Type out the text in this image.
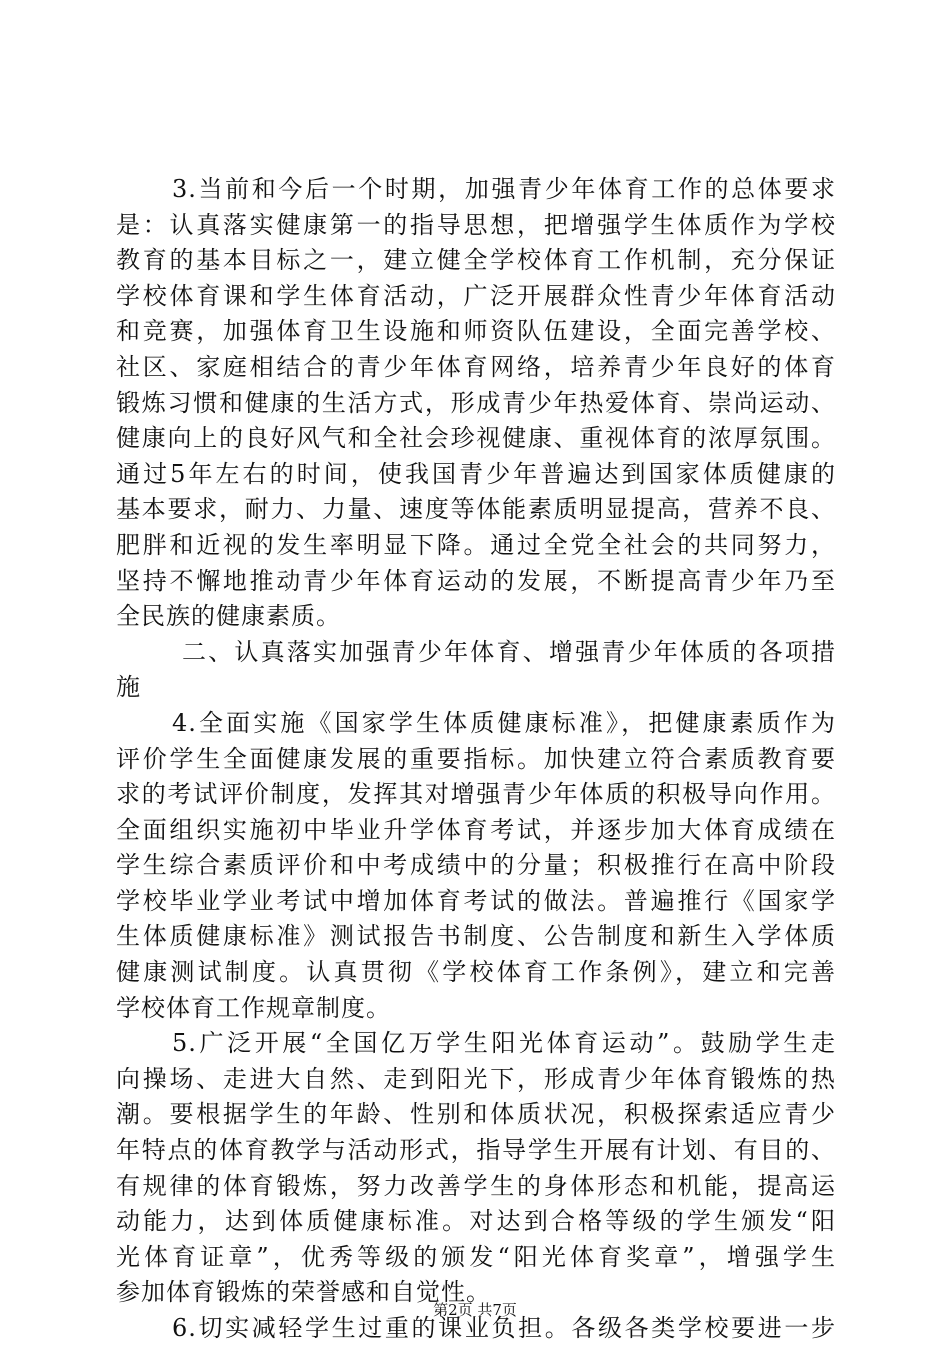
3.当前和今后一个时期，加强青少年体育工作的总体要求
是：认真落实健康第一的指导思想，把增强学生体质作为学校
教育的基本目标之一，建立健全学校体育工作机制，充分保证
学校体育课和学生体育活动，广泛开展群众性青少年体育活动
和竞赛，加强体育卫生设施和师资队伍建设，全面完善学校、
社区、家庭相结合的青少年体育网络，培养青少年良好的体育
锻炼习惯和健康的生活方式，形成青少年热爱体育、崇尚运动、
健康向上的良好风气和全社会珍视健康、重视体育的浓厚氛围。
通过5年左右的时间，使我国青少年普遍达到国家体质健康的
基本要求，耐力、力量、速度等体能素质明显提高，营养不良、
肥胖和近视的发生率明显下降。通过全党全社会的共同努力，
坚持不懈地推动青少年体育运动的发展，不断提高青少年乃至
全民族的健康素质。
二、认真落实加强青少年体育、增强青少年体质的各项措
施
4.全面实施《国家学生体质健康标准》，把健康素质作为
评价学生全面健康发展的重要指标。加快建立符合素质教育要
求的考试评价制度，发挥其对增强青少年体质的积极导向作用。
全面组织实施初中毕业升学体育考试，并逐步加大体育成绩在
学生综合素质评价和中考成绩中的分量；积极推行在高中阶段
学校毕业学业考试中增加体育考试的做法。普遍推行《国家学
生体质健康标准》测试报告书制度、公告制度和新生入学体质
健康测试制度。认真贯彻《学校体育工作条例》，建立和完善
学校体育工作规章制度。
5.广泛开展“全国亿万学生阳光体育运动”。鼓励学生走
向操场、走进大自然、走到阳光下，形成青少年体育锻炼的热
潮。要根据学生的年龄、性别和体质状况，积极探索适应青少
年特点的体育教学与活动形式，指导学生开展有计划、有目的、
有规律的体育锻炼，努力改善学生的身体形态和机能，提高运
动能力，达到体质健康标准。对达到合格等级的学生颁发“阳
光体育证章”，优秀等级的颁发“阳光体育奖章”，增强学生
参加体育锻炼的荣誉感和自觉性。
6.切实减轻学生过重的课业负担。各级各类学校要进一步
第2页 共7页
